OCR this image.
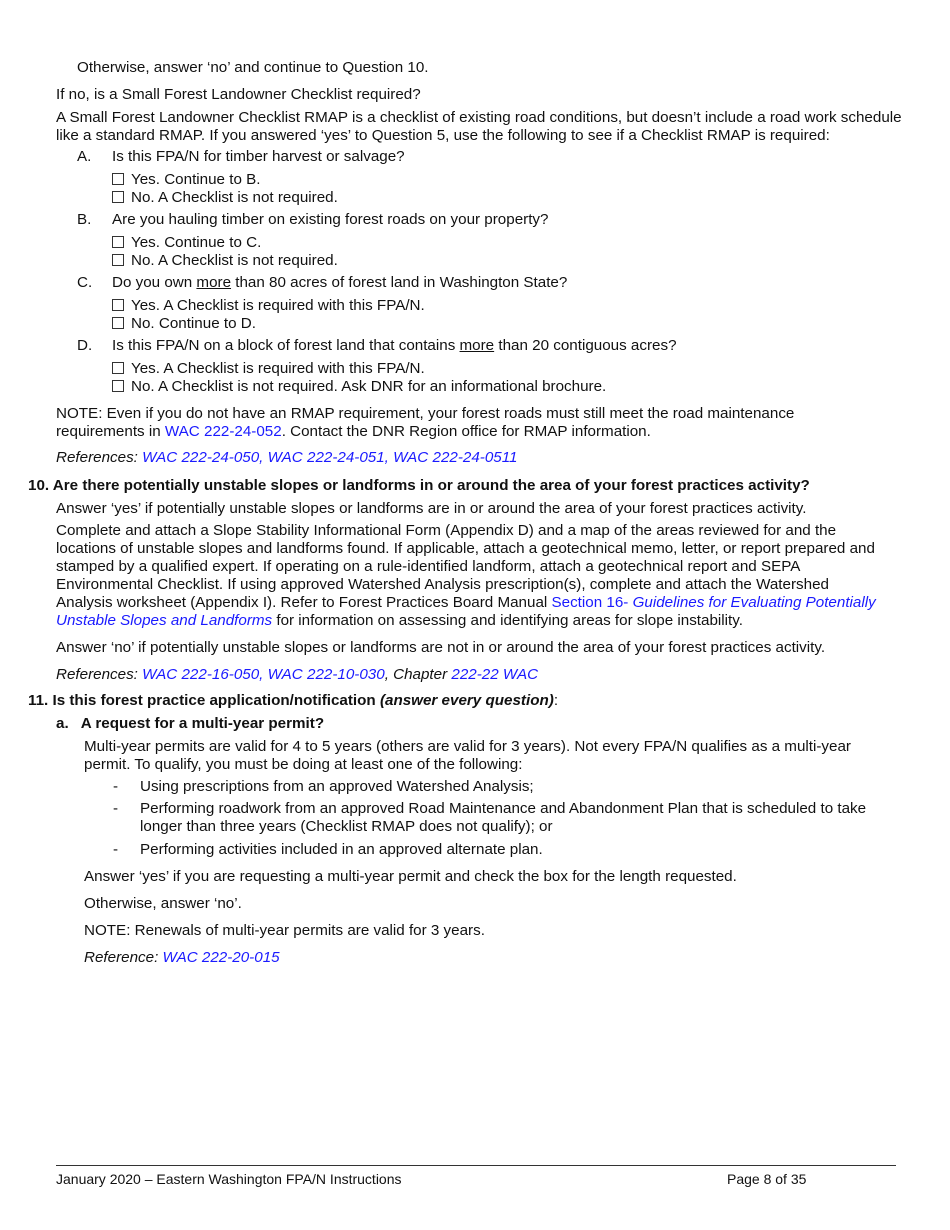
Otherwise, answer ‘no’ and continue to Question 10.
If no, is a Small Forest Landowner Checklist required?
A Small Forest Landowner Checklist RMAP is a checklist of existing road conditions, but doesn’t include a road work schedule
like a standard RMAP. If you answered ‘yes’ to Question 5, use the following to see if a Checklist RMAP is required:
A. Is this FPA/N for timber harvest or salvage?
Yes. Continue to B.
No. A Checklist is not required.
B. Are you hauling timber on existing forest roads on your property?
Yes. Continue to C.
No. A Checklist is not required.
C. Do you own more than 80 acres of forest land in Washington State?
Yes. A Checklist is required with this FPA/N.
No. Continue to D.
D. Is this FPA/N on a block of forest land that contains more than 20 contiguous acres?
Yes. A Checklist is required with this FPA/N.
No. A Checklist is not required. Ask DNR for an informational brochure.
NOTE: Even if you do not have an RMAP requirement, your forest roads must still meet the road maintenance
requirements in WAC 222-24-052. Contact the DNR Region office for RMAP information.
References: WAC 222-24-050, WAC 222-24-051, WAC 222-24-0511
10. Are there potentially unstable slopes or landforms in or around the area of your forest practices activity?
Answer ‘yes’ if potentially unstable slopes or landforms are in or around the area of your forest practices activity.
Complete and attach a Slope Stability Informational Form (Appendix D) and a map of the areas reviewed for and the
locations of unstable slopes and landforms found. If applicable, attach a geotechnical memo, letter, or report prepared and
stamped by a qualified expert. If operating on a rule-identified landform, attach a geotechnical report and SEPA
Environmental Checklist. If using approved Watershed Analysis prescription(s), complete and attach the Watershed
Analysis worksheet (Appendix I). Refer to Forest Practices Board Manual Section 16- Guidelines for Evaluating Potentially
Unstable Slopes and Landforms for information on assessing and identifying areas for slope instability.
Answer ‘no’ if potentially unstable slopes or landforms are not in or around the area of your forest practices activity.
References: WAC 222-16-050, WAC 222-10-030, Chapter 222-22 WAC
11. Is this forest practice application/notification (answer every question):
a.   A request for a multi-year permit?
Multi-year permits are valid for 4 to 5 years (others are valid for 3 years). Not every FPA/N qualifies as a multi-year
permit. To qualify, you must be doing at least one of the following:
- Using prescriptions from an approved Watershed Analysis;
- Performing roadwork from an approved Road Maintenance and Abandonment Plan that is scheduled to take
longer than three years (Checklist RMAP does not qualify); or
- Performing activities included in an approved alternate plan.
Answer ‘yes’ if you are requesting a multi-year permit and check the box for the length requested.
Otherwise, answer ‘no’.
NOTE: Renewals of multi-year permits are valid for 3 years.
Reference: WAC 222-20-015
January 2020 – Eastern Washington FPA/N Instructions	Page 8 of 35
